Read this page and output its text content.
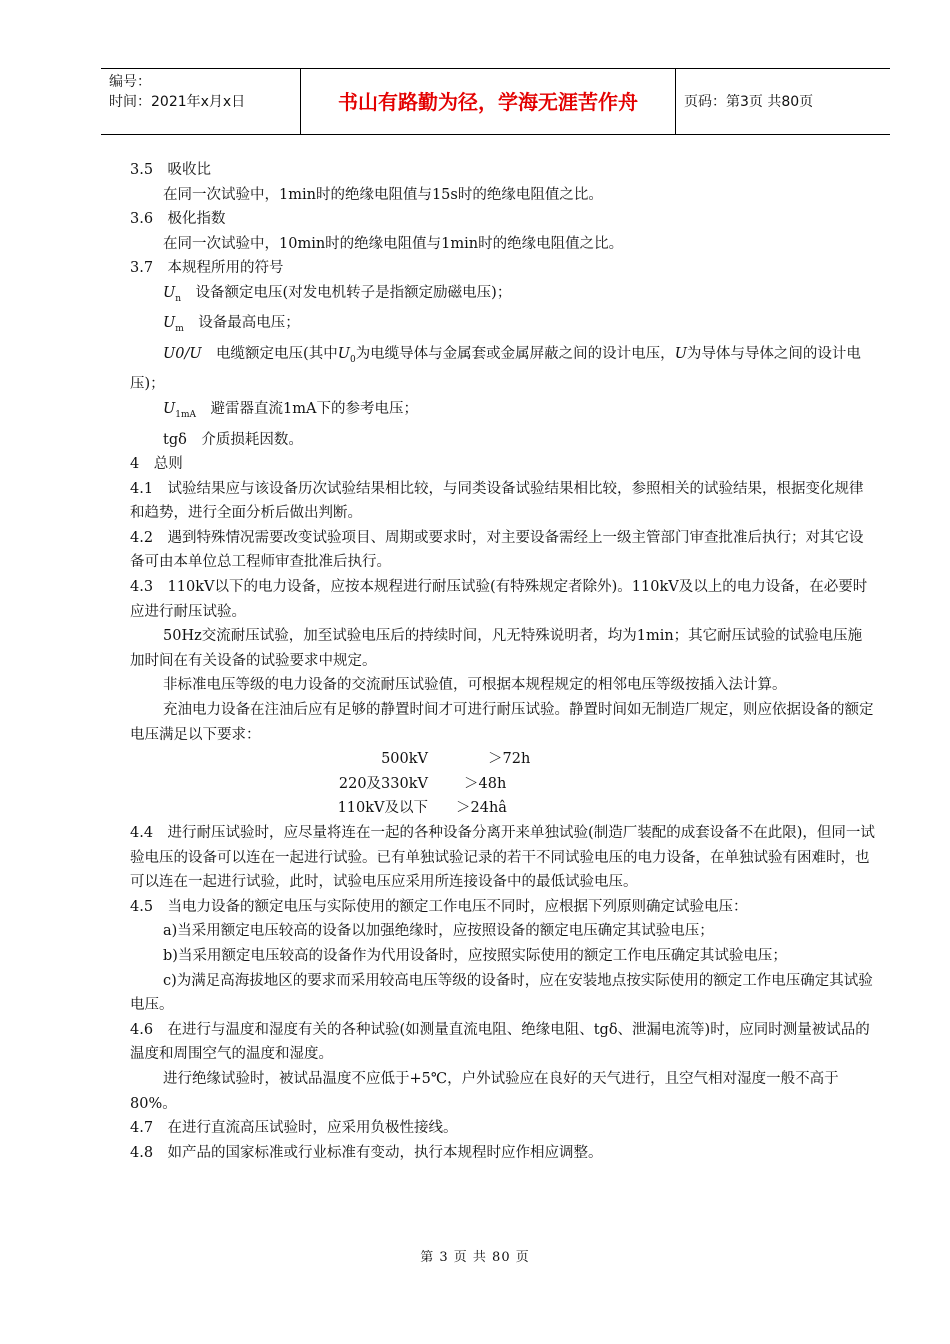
编号：
时间：2021年x月x日	书山有路勤为径，学海无涯苦作舟	页码：第3页 共80页

3.5　吸收比

在同一次试验中，1min时的绝缘电阻值与15s时的绝缘电阻值之比。

3.6　极化指数

在同一次试验中，10min时的绝缘电阻值与1min时的绝缘电阻值之比。

3.7　本规程所用的符号

$U_n$　设备额定电压(对发电机转子是指额定励磁电压)；

$U_m$　设备最高电压；

U0/U　电缆额定电压(其中$U_0$为电缆导体与金属套或金属屏蔽之间的设计电压，U为导体与导体之间的设计电压)；

$U_{1mA}$　避雷器直流1mA下的参考电压；

tgδ　介质损耗因数。

4　总则

4.1　试验结果应与该设备历次试验结果相比较，与同类设备试验结果相比较，参照相关的试验结果，根据变化规律和趋势，进行全面分析后做出判断。

4.2　遇到特殊情况需要改变试验项目、周期或要求时，对主要设备需经上一级主管部门审查批准后执行；对其它设备可由本单位总工程师审查批准后执行。

4.3　110kV以下的电力设备，应按本规程进行耐压试验(有特殊规定者除外)。110kV及以上的电力设备，在必要时应进行耐压试验。

50Hz交流耐压试验，加至试验电压后的持续时间，凡无特殊说明者，均为1min；其它耐压试验的试验电压施加时间在有关设备的试验要求中规定。

非标准电压等级的电力设备的交流耐压试验值，可根据本规程规定的相邻电压等级按插入法计算。

充油电力设备在注油后应有足够的静置时间才可进行耐压试验。静置时间如无制造厂规定，则应依据设备的额定电压满足以下要求：

500kV	＞72h
220及330kV	＞48h
110kV及以下	＞24hâ

4.4　进行耐压试验时，应尽量将连在一起的各种设备分离开来单独试验(制造厂装配的成套设备不在此限)，但同一试验电压的设备可以连在一起进行试验。已有单独试验记录的若干不同试验电压的电力设备，在单独试验有困难时，也可以连在一起进行试验，此时，试验电压应采用所连接设备中的最低试验电压。

4.5　当电力设备的额定电压与实际使用的额定工作电压不同时，应根据下列原则确定试验电压：

a)当采用额定电压较高的设备以加强绝缘时，应按照设备的额定电压确定其试验电压；

b)当采用额定电压较高的设备作为代用设备时，应按照实际使用的额定工作电压确定其试验电压；

c)为满足高海拔地区的要求而采用较高电压等级的设备时，应在安装地点按实际使用的额定工作电压确定其试验电压。

4.6　在进行与温度和湿度有关的各种试验(如测量直流电阻、绝缘电阻、tgδ、泄漏电流等)时，应同时测量被试品的温度和周围空气的温度和湿度。

进行绝缘试验时，被试品温度不应低于+5℃，户外试验应在良好的天气进行，且空气相对湿度一般不高于80%。

4.7　在进行直流高压试验时，应采用负极性接线。

4.8　如产品的国家标准或行业标准有变动，执行本规程时应作相应调整。

第 3 页 共 80 页
